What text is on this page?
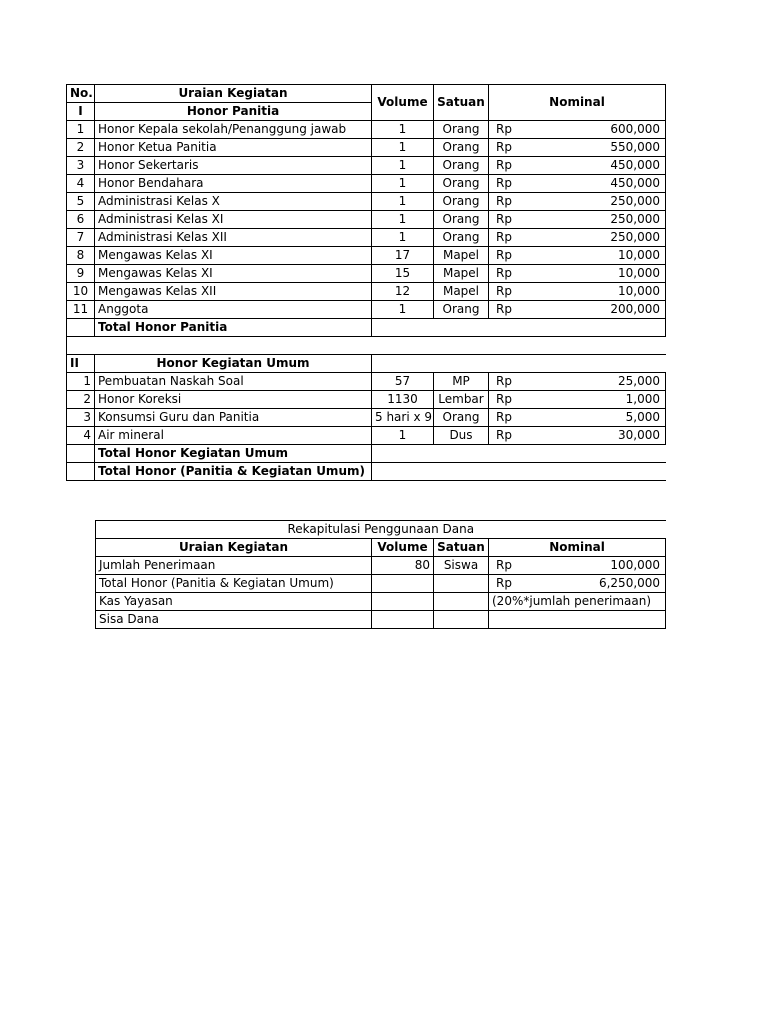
No.	Uraian Kegiatan	Volume	Satuan	Nominal
I	Honor Panitia			
1	Honor Kepala sekolah/Penanggung jawab	1	Orang	Rp 600,000

2	Honor Ketua Panitia	1	Orang	Rp 550,000

3	Honor Sekertaris	1	Orang	Rp 450,000

4	Honor Bendahara	1	Orang	Rp 450,000

5	Administrasi Kelas X	1	Orang	Rp 250,000

6	Administrasi Kelas XI	1	Orang	Rp 250,000

7	Administrasi Kelas XII	1	Orang	Rp 250,000

8	Mengawas Kelas XI	17	Mapel	Rp 10,000

9	Mengawas Kelas XI	15	Mapel	Rp 10,000

10	Mengawas Kelas XII	12	Mapel	Rp 10,000

11	Anggota	1	Orang	Rp 200,000

	Total Honor Panitia			

II	Honor Kegiatan Umum			
1	Pembuatan Naskah Soal	57	MP	Rp 25,000

2	Honor Koreksi	1130	Lembar	Rp 1,000

3	Konsumsi Guru dan Panitia	5 hari x 9	Orang	Rp 5,000

4	Air mineral	1	Dus	Rp 30,000

	Total Honor Kegiatan Umum			
	Total Honor (Panitia & Kegiatan Umum)			
Rekapitulasi Penggunaan Dana			
Uraian Kegiatan	Volume	Satuan	Nominal
Jumlah Penerimaan	80	Siswa	Rp 100,000

Total Honor (Panitia & Kegiatan Umum)			Rp 6,250,000

Kas Yayasan			(20%*jumlah penerimaan)
Sisa Dana			
